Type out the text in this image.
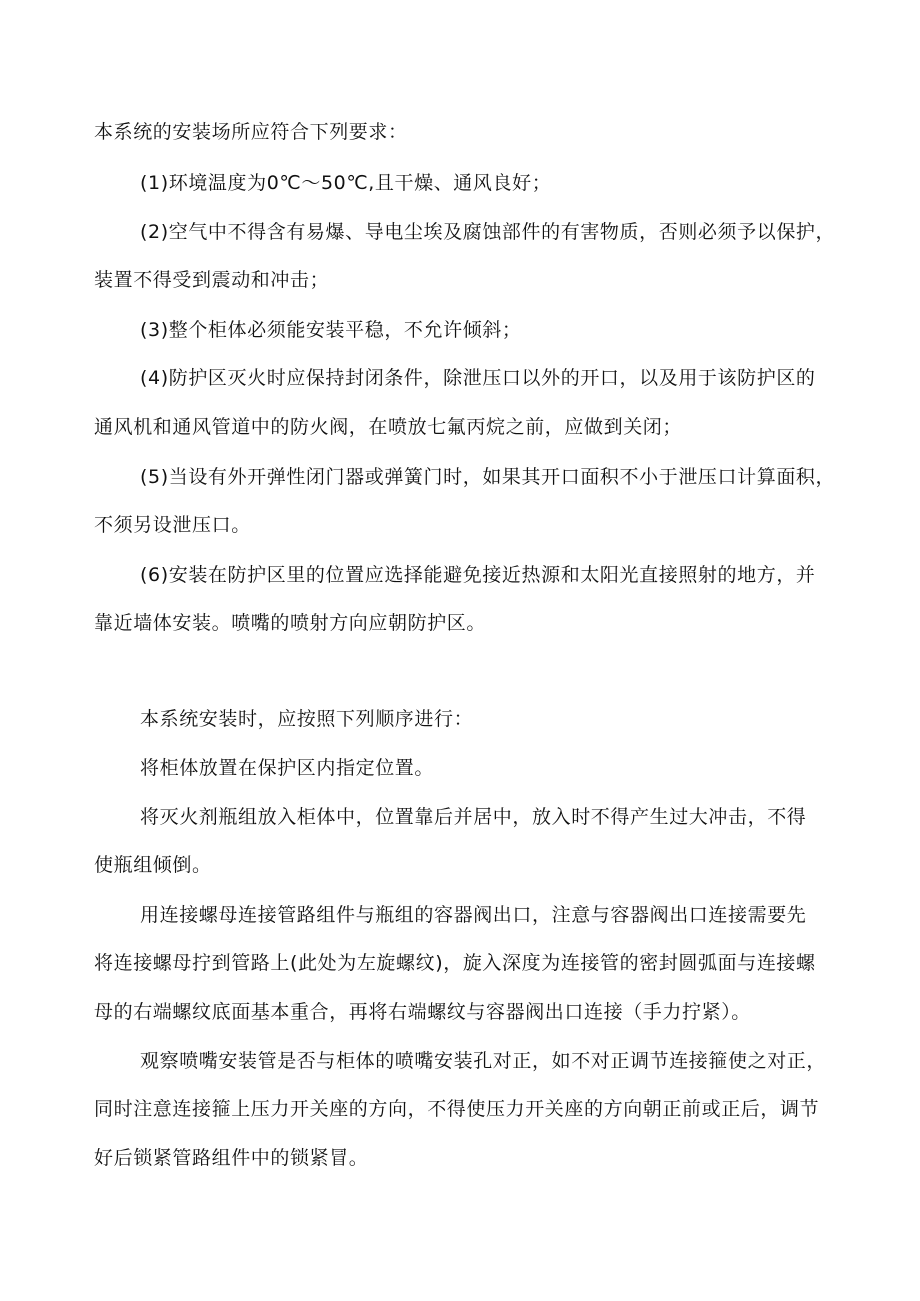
本系统的安装场所应符合下列要求：
(1)环境温度为0℃～50℃,且干燥、通风良好；
(2)空气中不得含有易爆、导电尘埃及腐蚀部件的有害物质，否则必须予以保护，
装置不得受到震动和冲击；
(3)整个柜体必须能安装平稳，不允许倾斜；
(4)防护区灭火时应保持封闭条件，除泄压口以外的开口，以及用于该防护区的
通风机和通风管道中的防火阀，在喷放七氟丙烷之前，应做到关闭；
(5)当设有外开弹性闭门器或弹簧门时，如果其开口面积不小于泄压口计算面积，
不须另设泄压口。
(6)安装在防护区里的位置应选择能避免接近热源和太阳光直接照射的地方，并
靠近墙体安装。喷嘴的喷射方向应朝防护区。
本系统安装时，应按照下列顺序进行：
将柜体放置在保护区内指定位置。
将灭火剂瓶组放入柜体中，位置靠后并居中，放入时不得产生过大冲击，不得
使瓶组倾倒。
用连接螺母连接管路组件与瓶组的容器阀出口，注意与容器阀出口连接需要先
将连接螺母拧到管路上(此处为左旋螺纹)，旋入深度为连接管的密封圆弧面与连接螺
母的右端螺纹底面基本重合，再将右端螺纹与容器阀出口连接（手力拧紧）。
观察喷嘴安装管是否与柜体的喷嘴安装孔对正，如不对正调节连接箍使之对正，
同时注意连接箍上压力开关座的方向，不得使压力开关座的方向朝正前或正后，调节
好后锁紧管路组件中的锁紧冒。
